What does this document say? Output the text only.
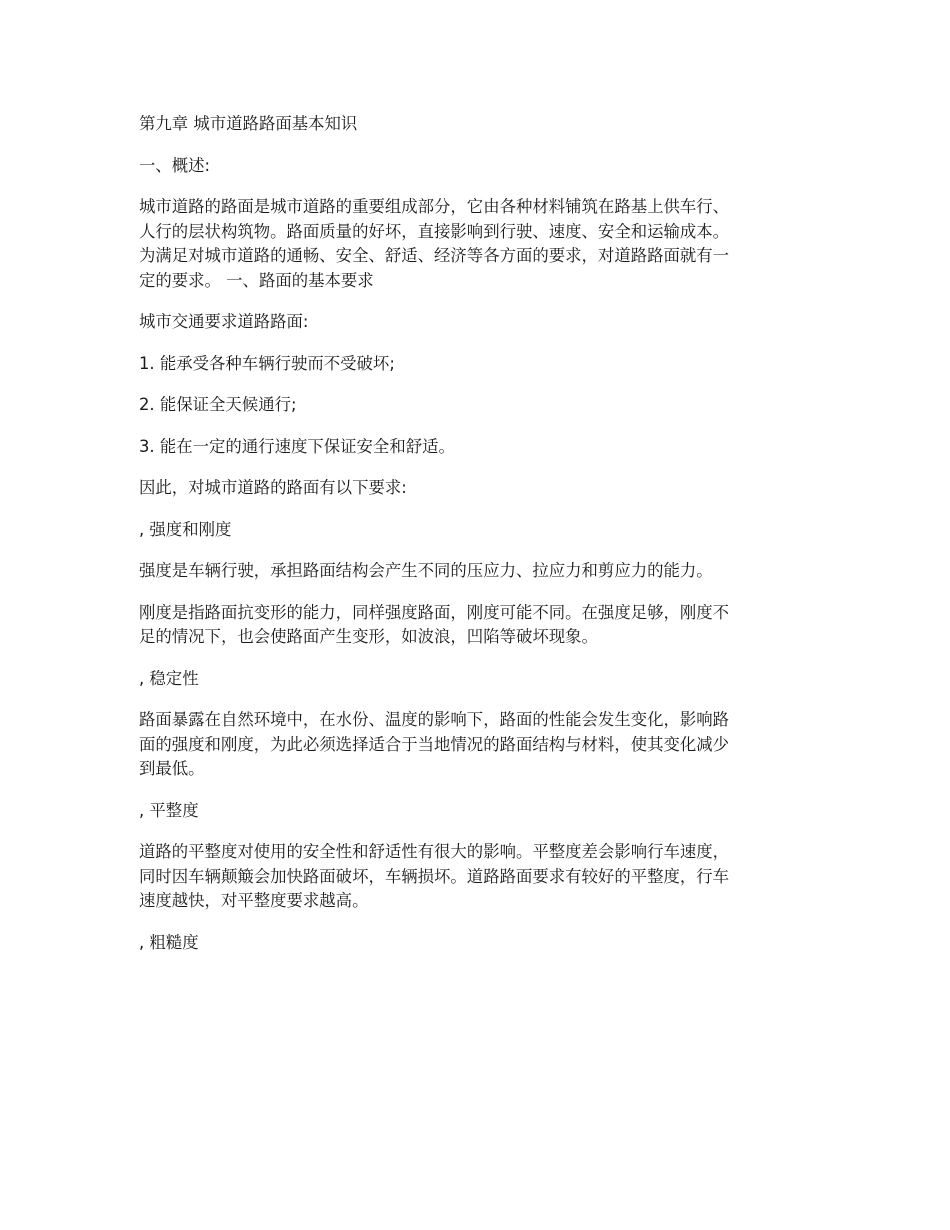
第九章 城市道路路面基本知识

一、概述:

城市道路的路面是城市道路的重要组成部分，它由各种材料铺筑在路基上供车行、
人行的层状构筑物。路面质量的好坏，直接影响到行驶、速度、安全和运输成本。
为满足对城市道路的通畅、安全、舒适、经济等各方面的要求，对道路路面就有一
定的要求。 一、路面的基本要求

城市交通要求道路路面:

1. 能承受各种车辆行驶而不受破坏;

2. 能保证全天候通行;

3. 能在一定的通行速度下保证安全和舒适。

因此，对城市道路的路面有以下要求:

, 强度和刚度

强度是车辆行驶，承担路面结构会产生不同的压应力、拉应力和剪应力的能力。

刚度是指路面抗变形的能力，同样强度路面，刚度可能不同。在强度足够，刚度不
足的情况下，也会使路面产生变形，如波浪，凹陷等破坏现象。

, 稳定性

路面暴露在自然环境中，在水份、温度的影响下，路面的性能会发生变化，影响路
面的强度和刚度，为此必须选择适合于当地情况的路面结构与材料，使其变化减少
到最低。

, 平整度

道路的平整度对使用的安全性和舒适性有很大的影响。平整度差会影响行车速度，
同时因车辆颠簸会加快路面破坏，车辆损坏。道路路面要求有较好的平整度，行车
速度越快，对平整度要求越高。

, 粗糙度
